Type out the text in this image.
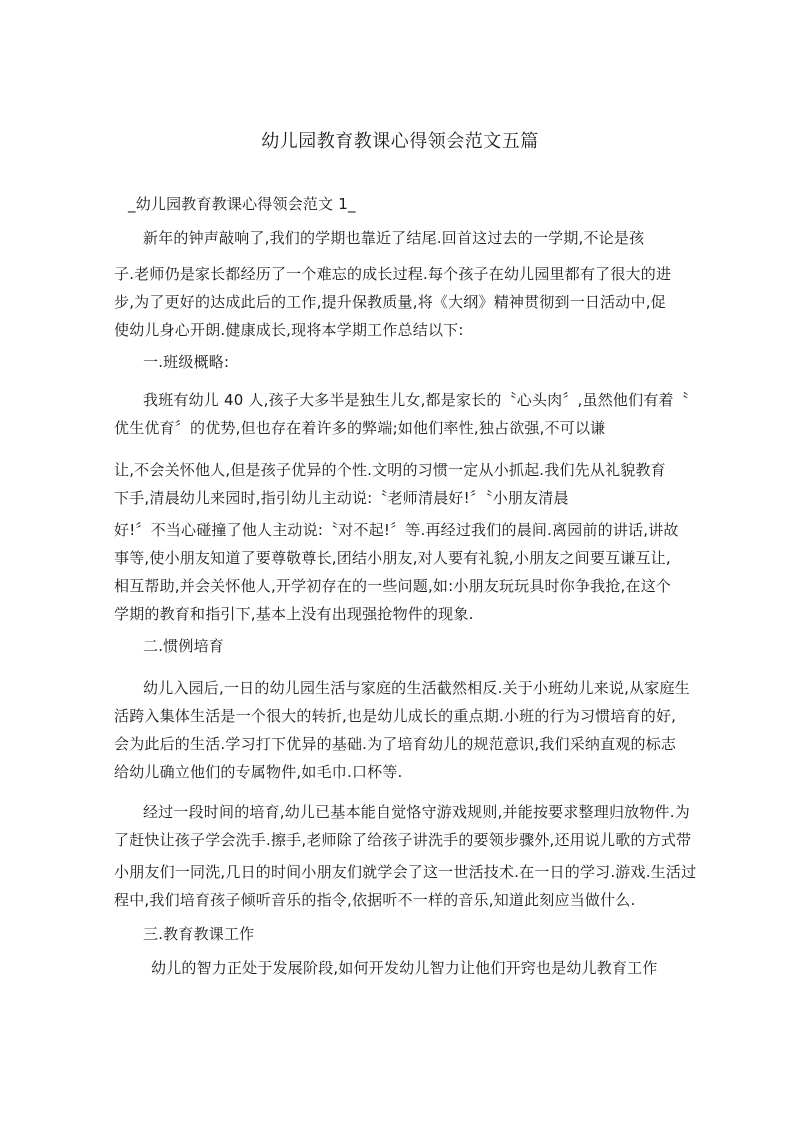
幼儿园教育教课心得领会范文五篇
_幼儿园教育教课心得领会范文 1_
新年的钟声敲响了,我们的学期也靠近了结尾.回首这过去的一学期,不论是孩
子.老师仍是家长都经历了一个难忘的成长过程.每个孩子在幼儿园里都有了很大的进
步,为了更好的达成此后的工作,提升保教质量,将《大纲》精神贯彻到一日活动中,促
使幼儿身心开朗.健康成长,现将本学期工作总结以下:
一.班级概略:
我班有幼儿 40 人,孩子大多半是独生儿女,都是家长的〝心头肉〞,虽然他们有着〝
优生优育〞的优势,但也存在着许多的弊端;如他们率性,独占欲强,不可以谦
让,不会关怀他人,但是孩子优异的个性.文明的习惯一定从小抓起.我们先从礼貌教育
下手,清晨幼儿来园时,指引幼儿主动说:〝老师清晨好!〞〝小朋友清晨
好!〞不当心碰撞了他人主动说:〝对不起!〞等.再经过我们的晨间.离园前的讲话,讲故
事等,使小朋友知道了要尊敬尊长,团结小朋友,对人要有礼貌,小朋友之间要互谦互让,
相互帮助,并会关怀他人,开学初存在的一些问题,如:小朋友玩玩具时你争我抢,在这个
学期的教育和指引下,基本上没有出现强抢物件的现象.
二.惯例培育
幼儿入园后,一日的幼儿园生活与家庭的生活截然相反.关于小班幼儿来说,从家庭生
活跨入集体生活是一个很大的转折,也是幼儿成长的重点期.小班的行为习惯培育的好,
会为此后的生活.学习打下优异的基础.为了培育幼儿的规范意识,我们采纳直观的标志
给幼儿确立他们的专属物件,如毛巾.口杯等.
经过一段时间的培育,幼儿已基本能自觉恪守游戏规则,并能按要求整理归放物件.为
了赶快让孩子学会洗手.擦手,老师除了给孩子讲洗手的要领步骤外,还用说儿歌的方式带
小朋友们一同洗,几日的时间小朋友们就学会了这一世活技术.在一日的学习.游戏.生活过
程中,我们培育孩子倾听音乐的指令,依据听不一样的音乐,知道此刻应当做什么.
三.教育教课工作
幼儿的智力正处于发展阶段,如何开发幼儿智力让他们开窍也是幼儿教育工作
